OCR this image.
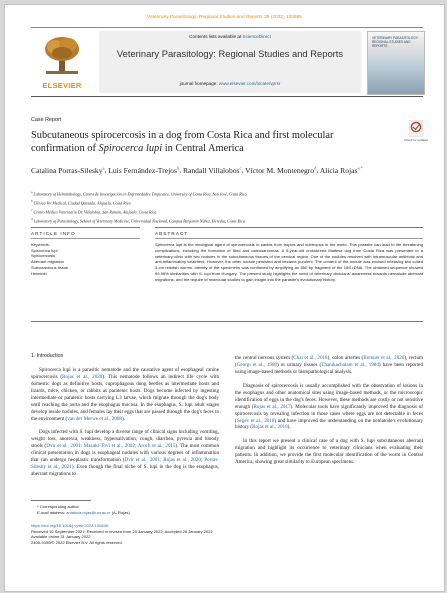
Veterinary Parasitology: Regional Studies and Reports 29 (2022) 100695
ELSEVIER
Contents lists available at ScienceDirect
Veterinary Parasitology: Regional Studies and Reports
journal homepage: www.elsevier.com/locate/vprsr
VETERINARY PARASITOLOGY: REGIONAL STUDIES AND REPORTS
Case Report
Subcutaneous spirocercosis in a dog from Costa Rica and first molecular confirmation of Spirocerca lupi in Central America
Check for updates
Catalina Porras-Silesky$^a$, Luis Fernández-Trejos$^b$, Randall Villalobos$^c$, Víctor M. Montenegro$^d$, Alicia Rojas$^{a,*}$
$^a$ Laboratory of Helminthology, Centro de Investigación en Enfermedades Tropicales, University of Costa Rica, San José, Costa Rica
$^b$ Clínica Vet Medical, Ciudad Quesada, Alajuela, Costa Rica
$^c$ Centro Médico Veterinario Dr. Villalobos, San Ramón, Alajuela, Costa Rica
$^d$ Laboratory of Parasitology, School of Veterinary Medicine, Universidad Nacional, Campus Benjamín Núñez, Heredia, Costa Rica
ARTICLE INFO	ABSTRACT
Keywords:
Spirocerca lupi
Spirocercosis
Aberrant migration
Subcutaneous tissue
Helminth
Spirocerca lupi is the etiological agent of spirocercosis in canids from tropics and subtropics in the world. This parasite can lead to life threatening complications, including the formation of fibro and osteosarcomas. A 5-year-old crossbreed Maltese dog from Costa Rica was presented to a veterinary clinic with two nodules in the subcutaneous tissues of the cervical region. One of the nodules resolved with intramuscular antibiotic and anti-inflammatory treatment. However, the other nodule persisted and became purulent. The content of the nodule was excised releasing two coiled 3-cm reddish worms. Identity of the specimens was confirmed by amplifying an 850 bp fragment of the 18S rDNA. The obtained sequence showed 99.96% similarities with S. lupi from Hungary. The present study highlights the need of veterinary clinicians' awareness towards nematode aberrant migrations, and the require of molecular studies to gain insight into the parasite's evolutionary history.
1. Introduction

Spirocerca lupi is a parasitic nematode and the causative agent of esophageal canine spirocercosis (Rojas et al., 2020). This nematode follows an indirect life cycle with domestic dogs as definitive hosts, coprophagous dung beetles as intermediate hosts and lizards, mice, chicken, or rabbits as paratenic hosts. Dogs become infected by ingesting intermediate or paratenic hosts carrying L3 larvae, which migrate through the dog's body until reaching the aorta and the esophagus mucosa. In the esophagus, S. lupi adult stages develop inside nodules, and females lay their eggs that are passed through the dog's feces to the environment (van der Merwe et al., 2008).

Dogs infected with S. lupi develop a diverse range of clinical signs including vomiting, weight loss, anorexia, weakness, hypersalivation, cough, diarrhea, pyrexia and bloody stools (Dvir et al., 2001; Mazaki-Tovi et al., 2002; Aroch et al., 2015). The most common clinical presentation in dogs is esophageal nodules with various degrees of inflammation that can undergo neoplastic transformation (Dvir et al., 2001; Rojas et al., 2020; Porras-Silesky et al., 2021). Even though the final niche of S. lupi in the dog is the esophagus, aberrant migrations to

the central nervous system (Chai et al., 2018), colon arteries (Brenner et al., 2020), rectum (Georgi et al., 1980) or urinary tissues (Thanikachalam et al., 1984) have been reported using image-based methods or histopathological analysis.

Diagnosis of spirocercosis is usually accomplished with the observation of lesions in the esophagus and other anatomical sites using image-based methods, or the microscopic identification of eggs in the dog's feces. However, these methods are costly or not sensitive enough (Rojas et al., 2017). Molecular tools have significantly improved the diagnosis of spirocercosis by revealing infection in those cases where eggs are not detectable in feces (Segev et al., 2018) and have improved the understanding on the nematode's evolutionary history (Rojas et al., 2018).

In this report we present a clinical case of a dog with S. lupi subcutaneous aberrant migration and highlight its occurrence to veterinary clinicians when evaluating their patients. In addition, we provide the first molecular identification of the worm in Central America, showing great similarity to European specimens.

* Corresponding author.
E-mail address: anadicia.rojas@ucr.ac.cr (A. Rojas).
https://doi.org/10.1016/j.vprsr.2022.100695
Received 10 September 2021; Received in revised form 20 January 2022; Accepted 26 January 2022
Available online 31 January 2022
2405-9390/© 2022 Elsevier B.V. All rights reserved.
